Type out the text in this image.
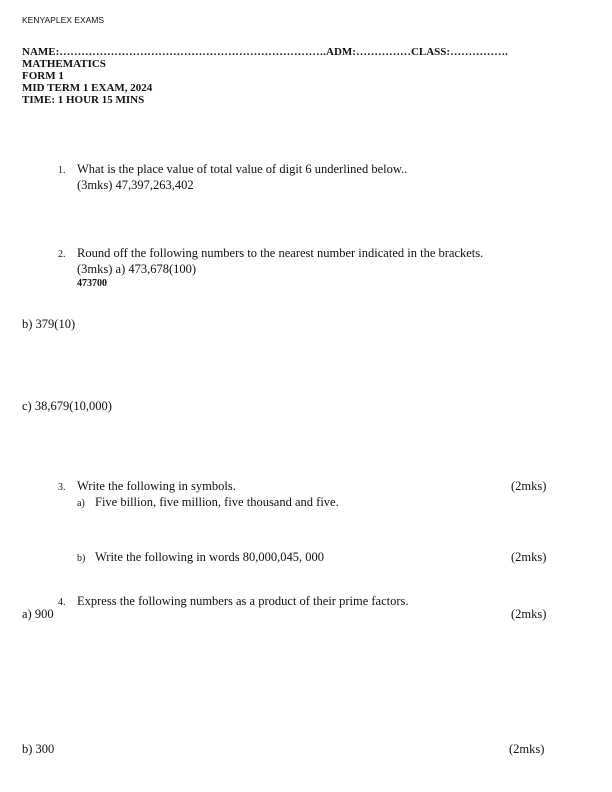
KENYAPLEX EXAMS
NAME:……………………………………………………………….ADM:……………CLASS:…………….
MATHEMATICS
FORM 1
MID TERM 1 EXAM, 2024
TIME: 1 HOUR 15 MINS
1. What is the place value of total value of digit 6 underlined below..
(3mks) 47,397,263,402
2. Round off the following numbers to the nearest number indicated in the brackets.
(3mks) a) 473,678(100)
473700
b) 379(10)
c) 38,679(10,000)
3. Write the following in symbols.	(2mks)
a) Five billion, five million, five thousand and five.
b) Write the following in words 80,000,045, 000	(2mks)
4. Express the following numbers as a product of their prime factors.
a) 900	(2mks)
b) 300	(2mks)
